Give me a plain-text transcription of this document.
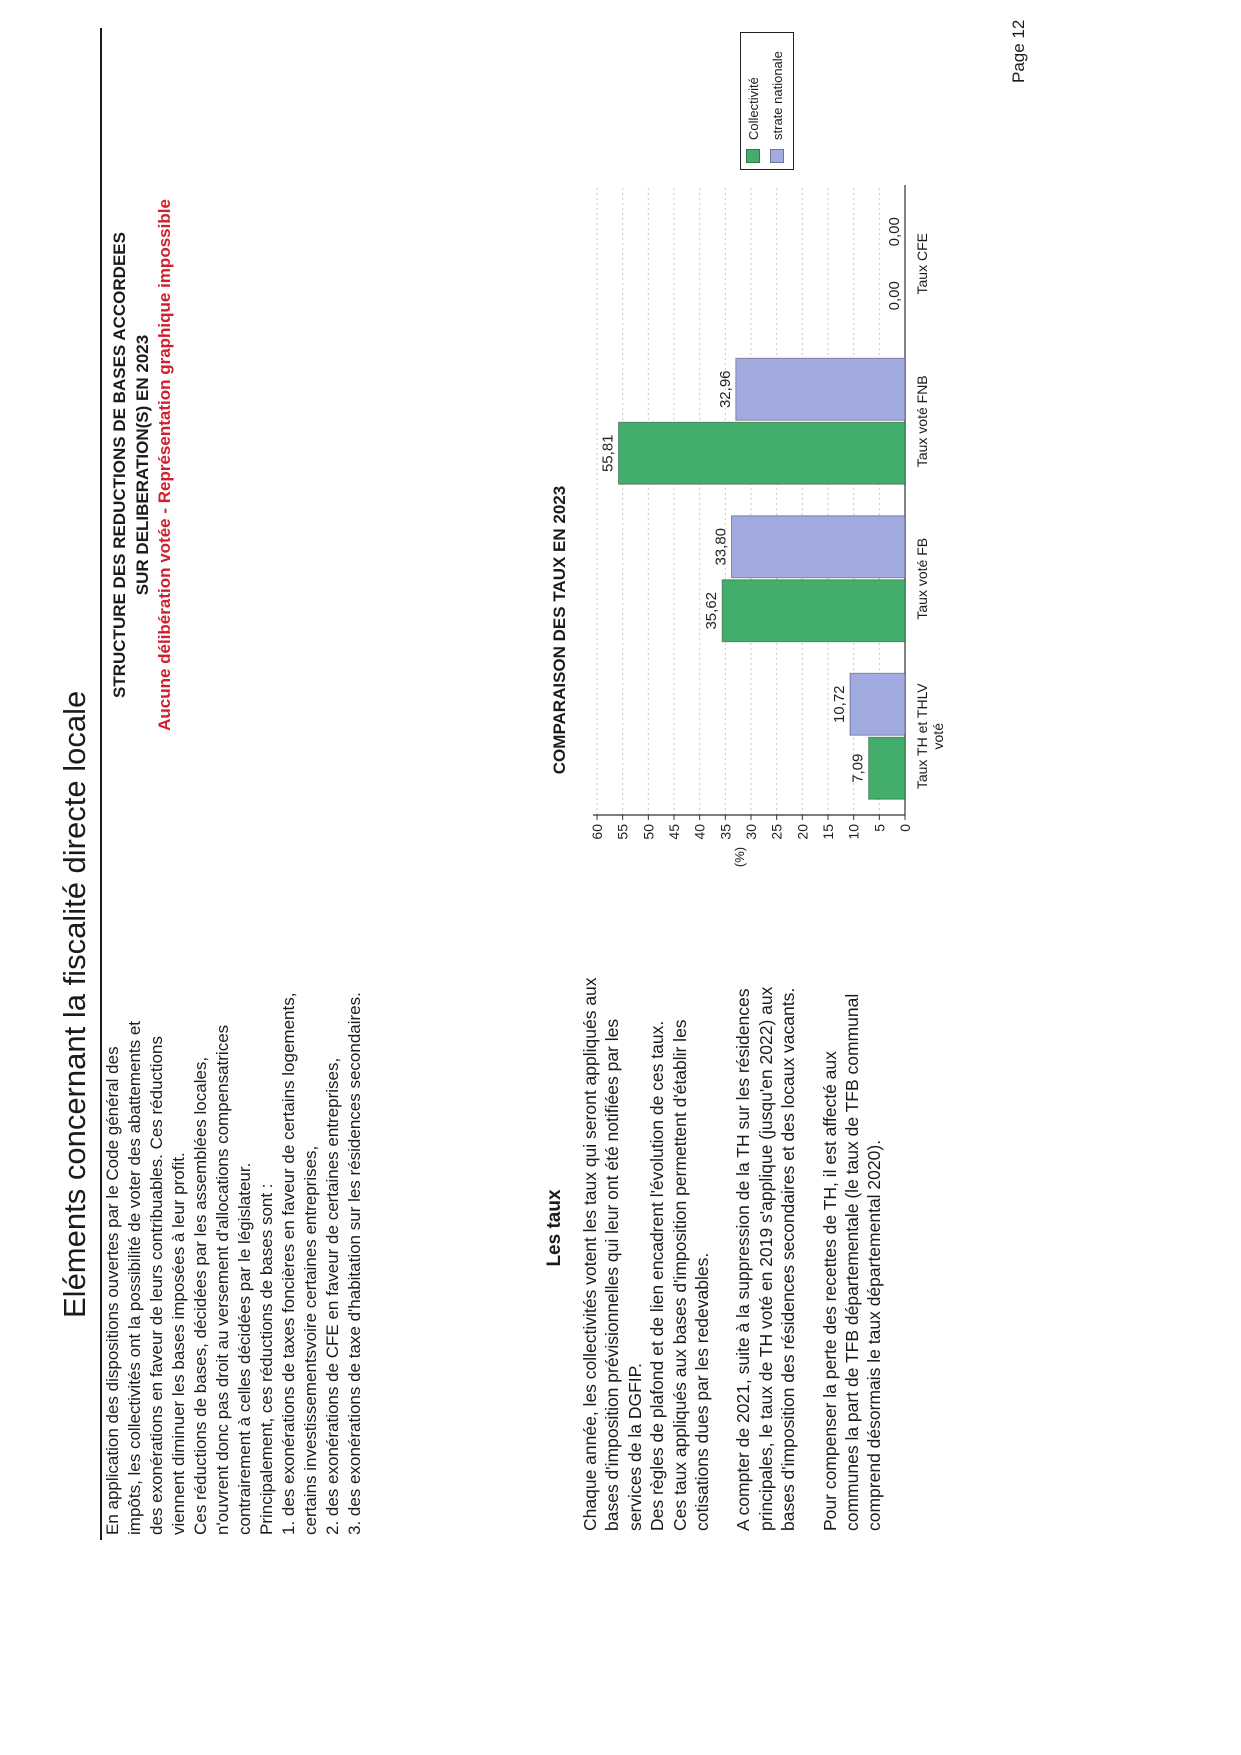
Eléments concernant la fiscalité directe locale En application des dispositions ouvertes par le Code général des impôts, les collectivités ont la possibilité de voter des abattements et des exonérations en faveur de leurs contribuables. Ces réductions viennent diminuer les bases imposées à leur profit. Ces réductions de bases, décidées par les assemblées locales, n'ouvrent donc pas droit au versement d'allocations compensatrices contrairement à celles décidées par le législateur. Principalement, ces réductions de bases sont : 1. des exonérations de taxes foncières en faveur de certains logements, certains investissementsvoire certaines entreprises, 2. des exonérations de CFE en faveur de certaines entreprises, 3. des exonérations de taxe d'habitation sur les résidences secondaires.
STRUCTURE DES REDUCTIONS DE BASES ACCORDEES SUR DELIBERATION(S) EN 2023 Aucune délibération votée - Représentation graphique impossible
Les taux Chaque année, les collectivités votent les taux qui seront appliqués aux bases d'imposition prévisionnelles qui leur ont été notifiées par les services de la DGFIP. Des règles de plafond et de lien encadrent l'évolution de ces taux. Ces taux appliqués aux bases d'imposition permettent d'établir les cotisations dues par les redevables. A compter de 2021, suite à la suppression de la TH sur les résidences principales, le taux de TH voté en 2019 s'applique (jusqu'en 2022) aux bases d'imposition des résidences secondaires et des locaux vacants. Pour compenser la perte des recettes de TH, il est affecté aux communes la part de TFB départementale (le taux de TFB communal comprend désormais le taux départemental 2020).
COMPARAISON DES TAUX EN 2023
(%)
0
5
10
15
20
25
30
35
40
45
50
55
60
7,09
10,72
35,62
33,80
55,81
32,96
0,00
0,00
Taux TH et THLV voté
Taux voté FB
Taux voté FNB
Taux CFE
Collectivité strate nationale	Page 12
